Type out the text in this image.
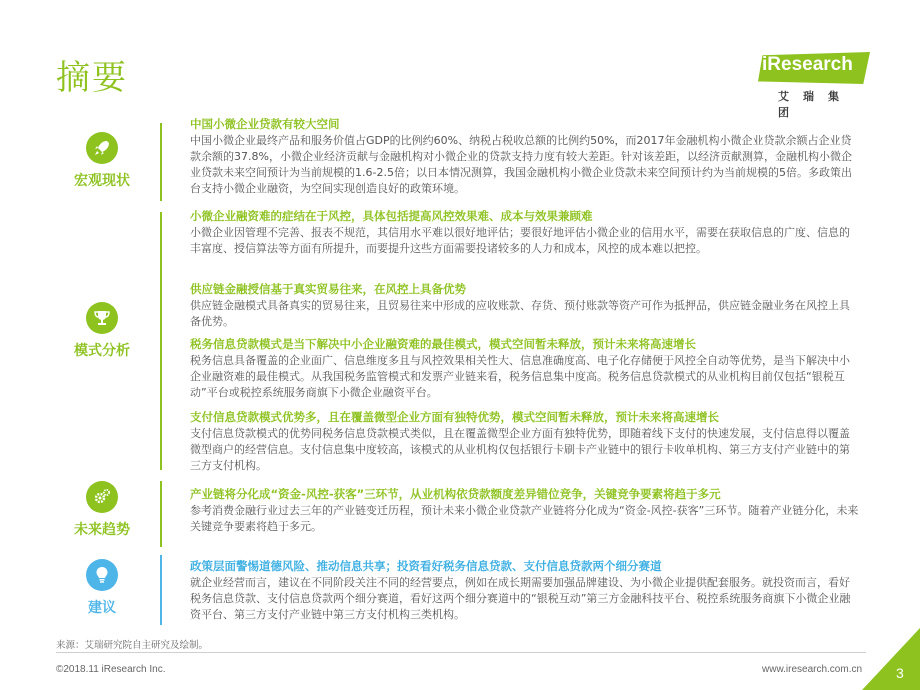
摘要	iResearch
艾瑞集团
宏观现状
模式分析
未来趋势
建议
中国小微企业贷款有较大空间
中国小微企业最终产品和服务价值占GDP的比例约60%、纳税占税收总额的比例约50%，而2017年金融机构小微企业贷款余额占企业贷款余额的37.8%，小微企业经济贡献与金融机构对小微企业的贷款支持力度有较大差距。针对该差距，以经济贡献测算，金融机构小微企业贷款未来空间预计为当前规模的1.6-2.5倍；以日本情况测算，我国金融机构小微企业贷款未来空间预计约为当前规模的5倍。多政策出台支持小微企业融资，为空间实现创造良好的政策环境。
小微企业融资难的症结在于风控，具体包括提高风控效果难、成本与效果兼顾难
小微企业因管理不完善、报表不规范，其信用水平难以很好地评估；要很好地评估小微企业的信用水平，需要在获取信息的广度、信息的丰富度、授信算法等方面有所提升，而要提升这些方面需要投诸较多的人力和成本，风控的成本难以把控。
供应链金融授信基于真实贸易往来，在风控上具备优势
供应链金融模式具备真实的贸易往来，且贸易往来中形成的应收账款、存货、预付账款等资产可作为抵押品，供应链金融业务在风控上具备优势。
税务信息贷款模式是当下解决中小企业融资难的最佳模式，模式空间暂未释放，预计未来将高速增长
税务信息具备覆盖的企业面广、信息维度多且与风控效果相关性大、信息准确度高、电子化存储便于风控全自动等优势，是当下解决中小企业融资难的最佳模式。从我国税务监管模式和发票产业链来看，税务信息集中度高。税务信息贷款模式的从业机构目前仅包括“银税互动”平台或税控系统服务商旗下小微企业融资平台。
支付信息贷款模式优势多，且在覆盖微型企业方面有独特优势，模式空间暂未释放，预计未来将高速增长
支付信息贷款模式的优势同税务信息贷款模式类似，且在覆盖微型企业方面有独特优势，即随着线下支付的快速发展，支付信息得以覆盖微型商户的经营信息。支付信息集中度较高，该模式的从业机构仅包括银行卡刷卡产业链中的银行卡收单机构、第三方支付产业链中的第三方支付机构。
产业链将分化成“资金-风控-获客”三环节，从业机构依贷款额度差异错位竞争，关键竞争要素将趋于多元
参考消费金融行业过去三年的产业链变迁历程，预计未来小微企业贷款产业链将分化成为“资金-风控-获客”三环节。随着产业链分化，未来关键竞争要素将趋于多元。
政策层面警惕道德风险、推动信息共享；投资看好税务信息贷款、支付信息贷款两个细分赛道
就企业经营而言，建议在不同阶段关注不同的经营要点，例如在成长期需要加强品牌建设、为小微企业提供配套服务。就投资而言，看好税务信息贷款、支付信息贷款两个细分赛道，看好这两个细分赛道中的“银税互动”第三方金融科技平台、税控系统服务商旗下小微企业融资平台、第三方支付产业链中第三方支付机构三类机构。
来源：艾瑞研究院自主研究及绘制。
©2018.11 iResearch Inc.	www.iresearch.com.cn 3
